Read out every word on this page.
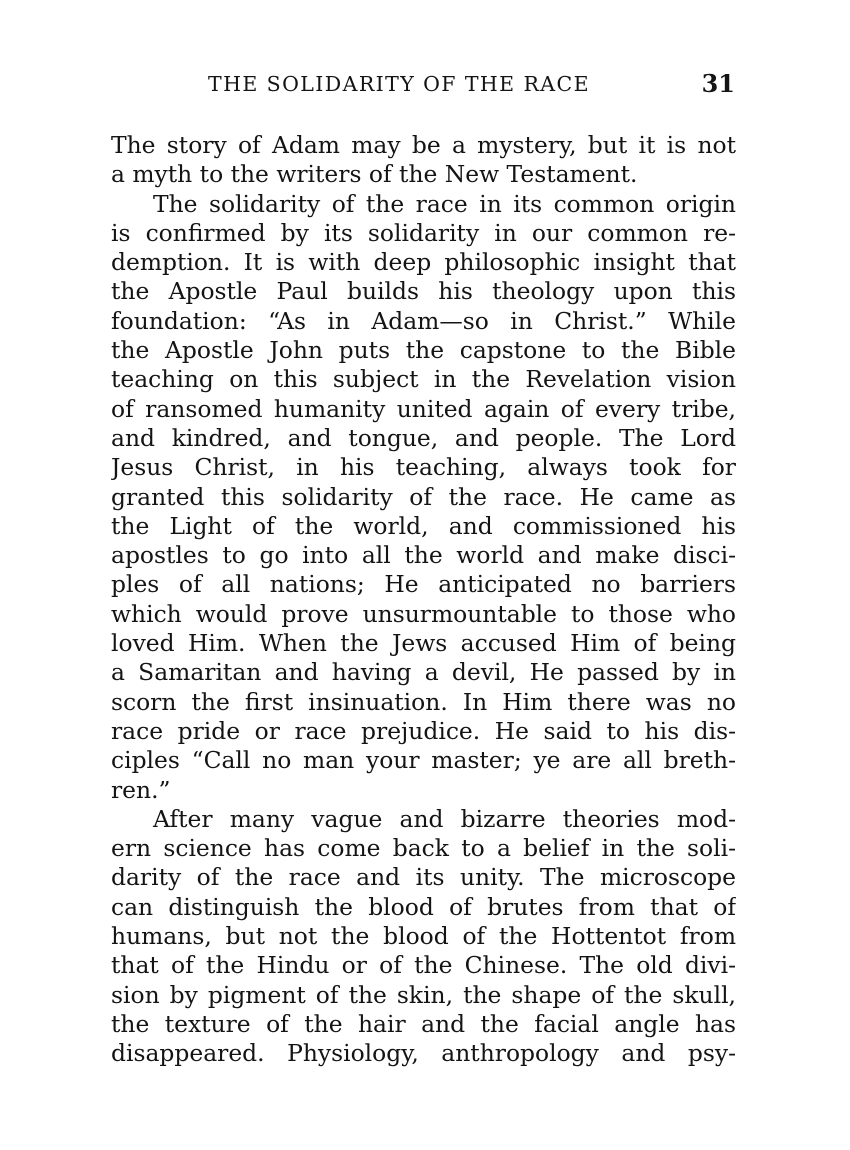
THE SOLIDARITY OF THE RACE	31
The story of Adam may be a mystery, but it is not
a myth to the writers of the New Testament.
The solidarity of the race in its common origin
is confirmed by its solidarity in our common re-
demption. It is with deep philosophic insight that
the Apostle Paul builds his theology upon this
foundation: “As in Adam—so in Christ.” While
the Apostle John puts the capstone to the Bible
teaching on this subject in the Revelation vision
of ransomed humanity united again of every tribe,
and kindred, and tongue, and people. The Lord
Jesus Christ, in his teaching, always took for
granted this solidarity of the race. He came as
the Light of the world, and commissioned his
apostles to go into all the world and make disci-
ples of all nations; He anticipated no barriers
which would prove unsurmountable to those who
loved Him. When the Jews accused Him of being
a Samaritan and having a devil, He passed by in
scorn the first insinuation. In Him there was no
race pride or race prejudice. He said to his dis-
ciples “Call no man your master; ye are all breth-
ren.”
After many vague and bizarre theories mod-
ern science has come back to a belief in the soli-
darity of the race and its unity. The microscope
can distinguish the blood of brutes from that of
humans, but not the blood of the Hottentot from
that of the Hindu or of the Chinese. The old divi-
sion by pigment of the skin, the shape of the skull,
the texture of the hair and the facial angle has
disappeared. Physiology, anthropology and psy-
